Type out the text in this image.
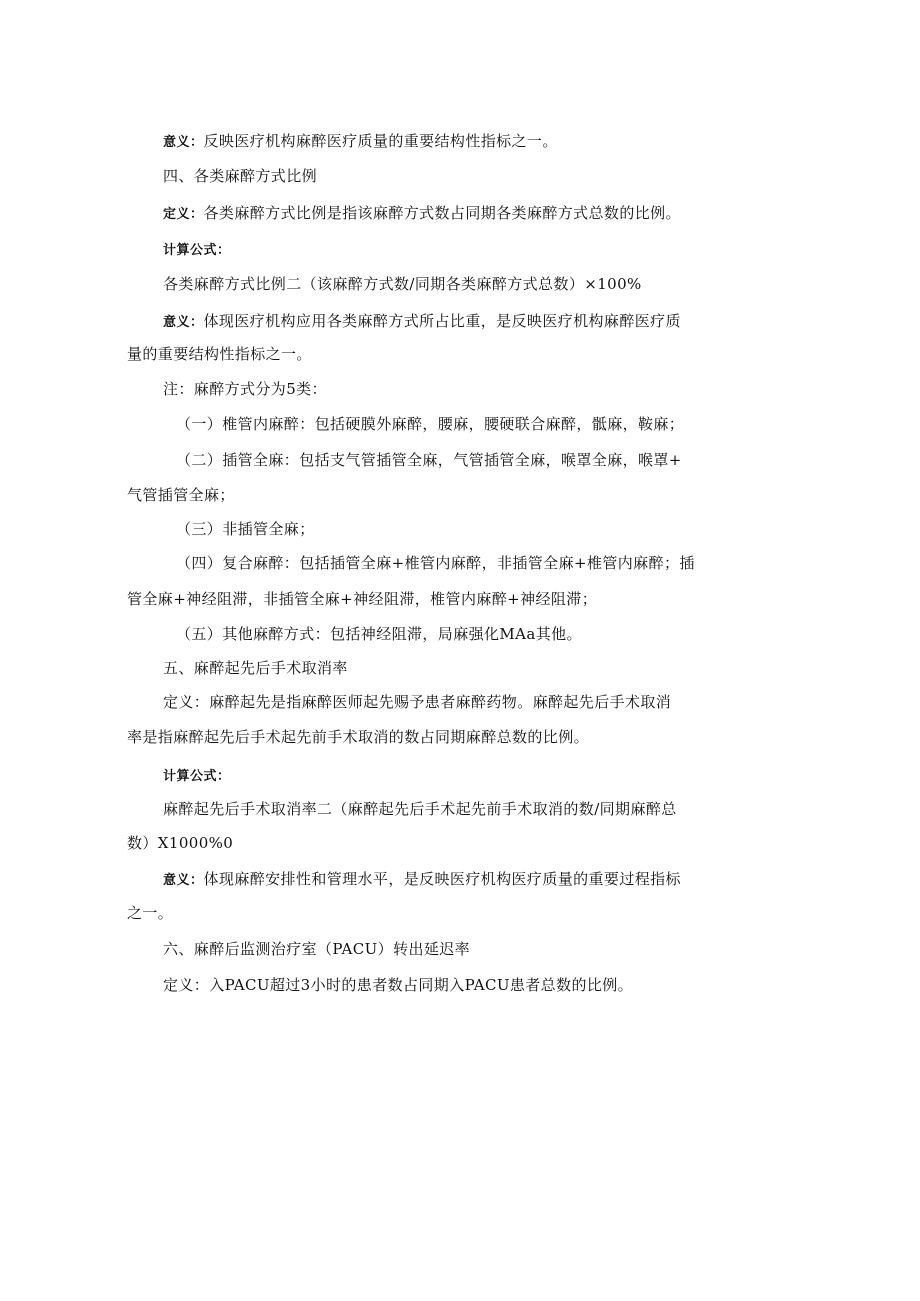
意义：反映医疗机构麻醉医疗质量的重要结构性指标之一。
四、各类麻醉方式比例
定义：各类麻醉方式比例是指该麻醉方式数占同期各类麻醉方式总数的比例。
计算公式：
各类麻醉方式比例二（该麻醉方式数/同期各类麻醉方式总数）×100%
意义：体现医疗机构应用各类麻醉方式所占比重，是反映医疗机构麻醉医疗质
量的重要结构性指标之一。
注：麻醉方式分为5类：
（一）椎管内麻醉：包括硬膜外麻醉，腰麻，腰硬联合麻醉，骶麻，鞍麻；
（二）插管全麻：包括支气管插管全麻，气管插管全麻，喉罩全麻，喉罩+
气管插管全麻；
（三）非插管全麻；
（四）复合麻醉：包括插管全麻+椎管内麻醉，非插管全麻+椎管内麻醉；插
管全麻+神经阻滞，非插管全麻+神经阻滞，椎管内麻醉+神经阻滞；
（五）其他麻醉方式：包括神经阻滞，局麻强化MAa其他。
五、麻醉起先后手术取消率
定义：麻醉起先是指麻醉医师起先赐予患者麻醉药物。麻醉起先后手术取消
率是指麻醉起先后手术起先前手术取消的数占同期麻醉总数的比例。
计算公式：
麻醉起先后手术取消率二（麻醉起先后手术起先前手术取消的数/同期麻醉总
数）X1000%0
意义：体现麻醉安排性和管理水平，是反映医疗机构医疗质量的重要过程指标
之一。
六、麻醉后监测治疗室（PACU）转出延迟率
定义：入PACU超过3小时的患者数占同期入PACU患者总数的比例。
